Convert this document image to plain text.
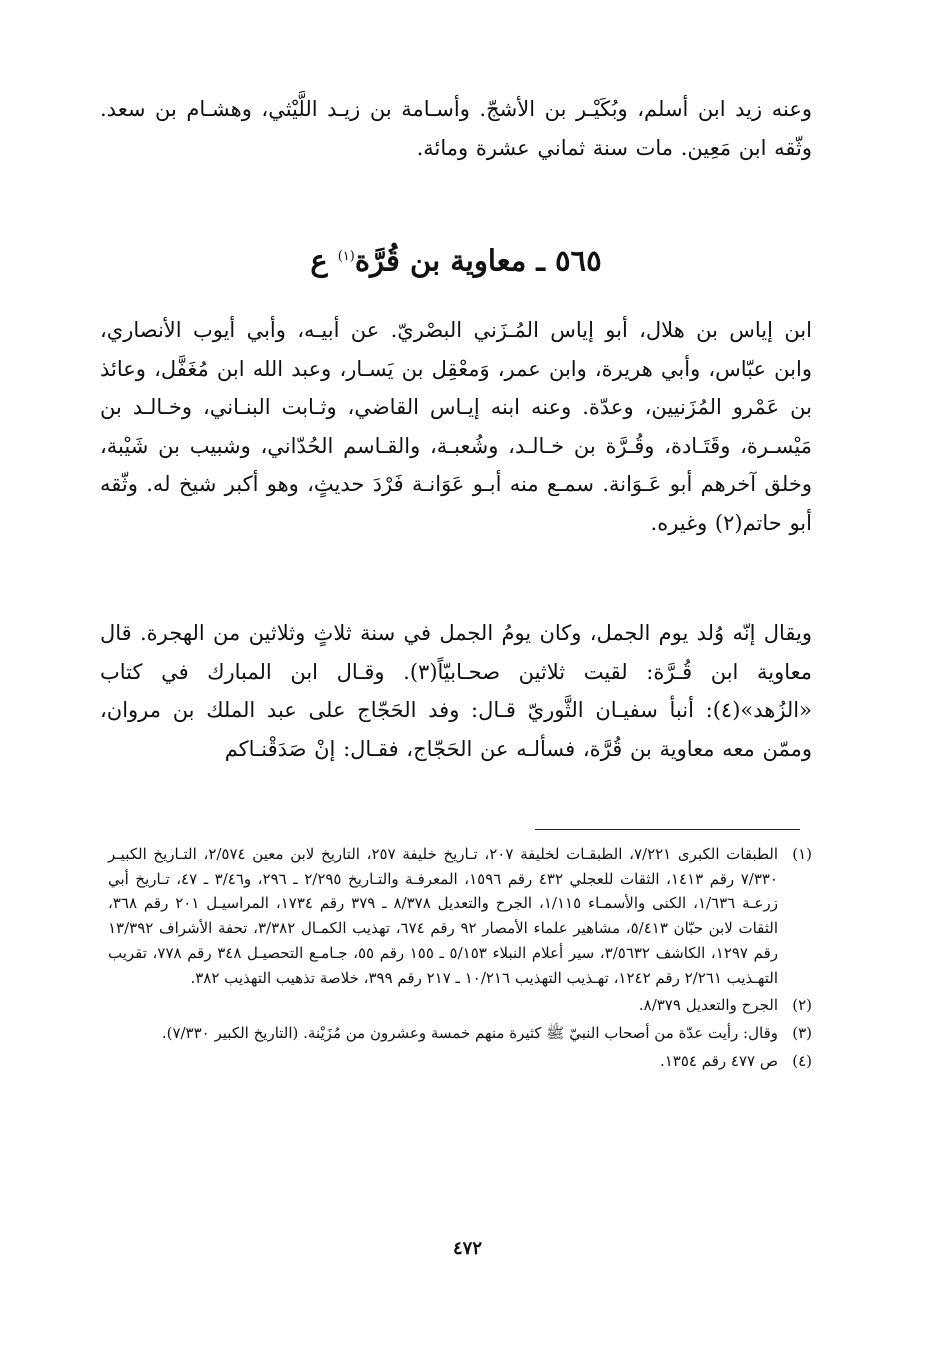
وعنه زيد ابن أسلم، وبُكَيْـر بن الأشجّ. وأسـامة بن زيـد اللَّيْثي، وهشـام بن سعد. وثّقه ابن مَعِين. مات سنة ثماني عشرة ومائة.
٥٦٥ ـ معاوية بن قُرَّة$^{(١)}$ ع
ابن إياس بن هلال، أبو إياس المُـزَني البصْريّ. عن أبيـه، وأبي أيوب الأنصاري، وابن عبّاس، وأبي هريرة، وابن عمر، وَمعْقِل بن يَسـار، وعبد الله ابن مُغَفَّل، وعائذ بن عَمْرو المُزَنيين، وعدّة. وعنه ابنه إيـاس القاضي، وثـابت البنـاني، وخـالـد بن مَيْسـرة، وقَتَـادة، وقُـرَّة بن خـالـد، وشُعبـة، والقـاسم الحُدّاني، وشبيب بن شَيْبة، وخلق آخرهم أبو عَـوَانة. سمـع منه أبـو عَوَانـة فَرْدَ حديثٍ، وهو أكبر شيخ له. وثّقه أبو حاتم(٢) وغيره.
ويقال إنّه وُلد يوم الجمل، وكان يومُ الجمل في سنة ثلاثٍ وثلاثين من الهجرة. قال معاوية ابن قُـرَّة: لقيت ثلاثين صحـابيّاً(٣). وقـال ابن المبارك في كتاب «الزُهد»(٤): أنبأ سفيـان الثَّوريّ قـال: وفد الحَجّاج على عبد الملك بن مروان، وممّن معه معاوية بن قُرَّة، فسألـه عن الحَجّاج، فقـال: إنْ صَدَقْنـاكم
(١)
الطبقات الكبرى ٧/٢٢١، الطبقـات لخليفة ٢٠٧، تـاريخ خليفة ٢٥٧، التاريخ لابن معين ٢/٥٧٤، التـاريخ الكبيـر ٧/٣٣٠ رقم ١٤١٣، الثقات للعجلي ٤٣٢ رقم ١٥٩٦، المعرفـة والتـاريخ ٢/٢٩٥ ـ ٢٩٦، و٣/٤٦ ـ ٤٧، تـاريخ أبي زرعـة ١/٦٣٦، الكنى والأسمـاء ١/١١٥، الجرح والتعديل ٨/٣٧٨ ـ ٣٧٩ رقم ١٧٣٤، المراسيـل ٢٠١ رقم ٣٦٨، الثقات لابن حبّان ٥/٤١٣، مشاهير علماء الأمصار ٩٢ رقم ٦٧٤، تهذيب الكمـال ٣/٣٨٢، تحفة الأشراف ١٣/٣٩٢ رقم ١٢٩٧، الكاشف ٣/٥٦٣٢، سير أعلام النبلاء ٥/١٥٣ ـ ١٥٥ رقم ٥٥، جـامـع التحصيـل ٣٤٨ رقم ٧٧٨، تقريب التهـذيب ٢/٢٦١ رقم ١٢٤٢، تهـذيب التهذيب ١٠/٢١٦ ـ ٢١٧ رقم ٣٩٩، خلاصة تذهيب التهذيب ٣٨٢.
(٢)
الجرح والتعديل ٨/٣٧٩.
(٣)
وقال: رأيت عدّة من أصحاب النبيّ ﷺ كثيرة منهم خمسة وعشرون من مُزَيْنة. (التاريخ الكبير ٧/٣٣٠).
(٤)
ص ٤٧٧ رقم ١٣٥٤.
٤٧٢
